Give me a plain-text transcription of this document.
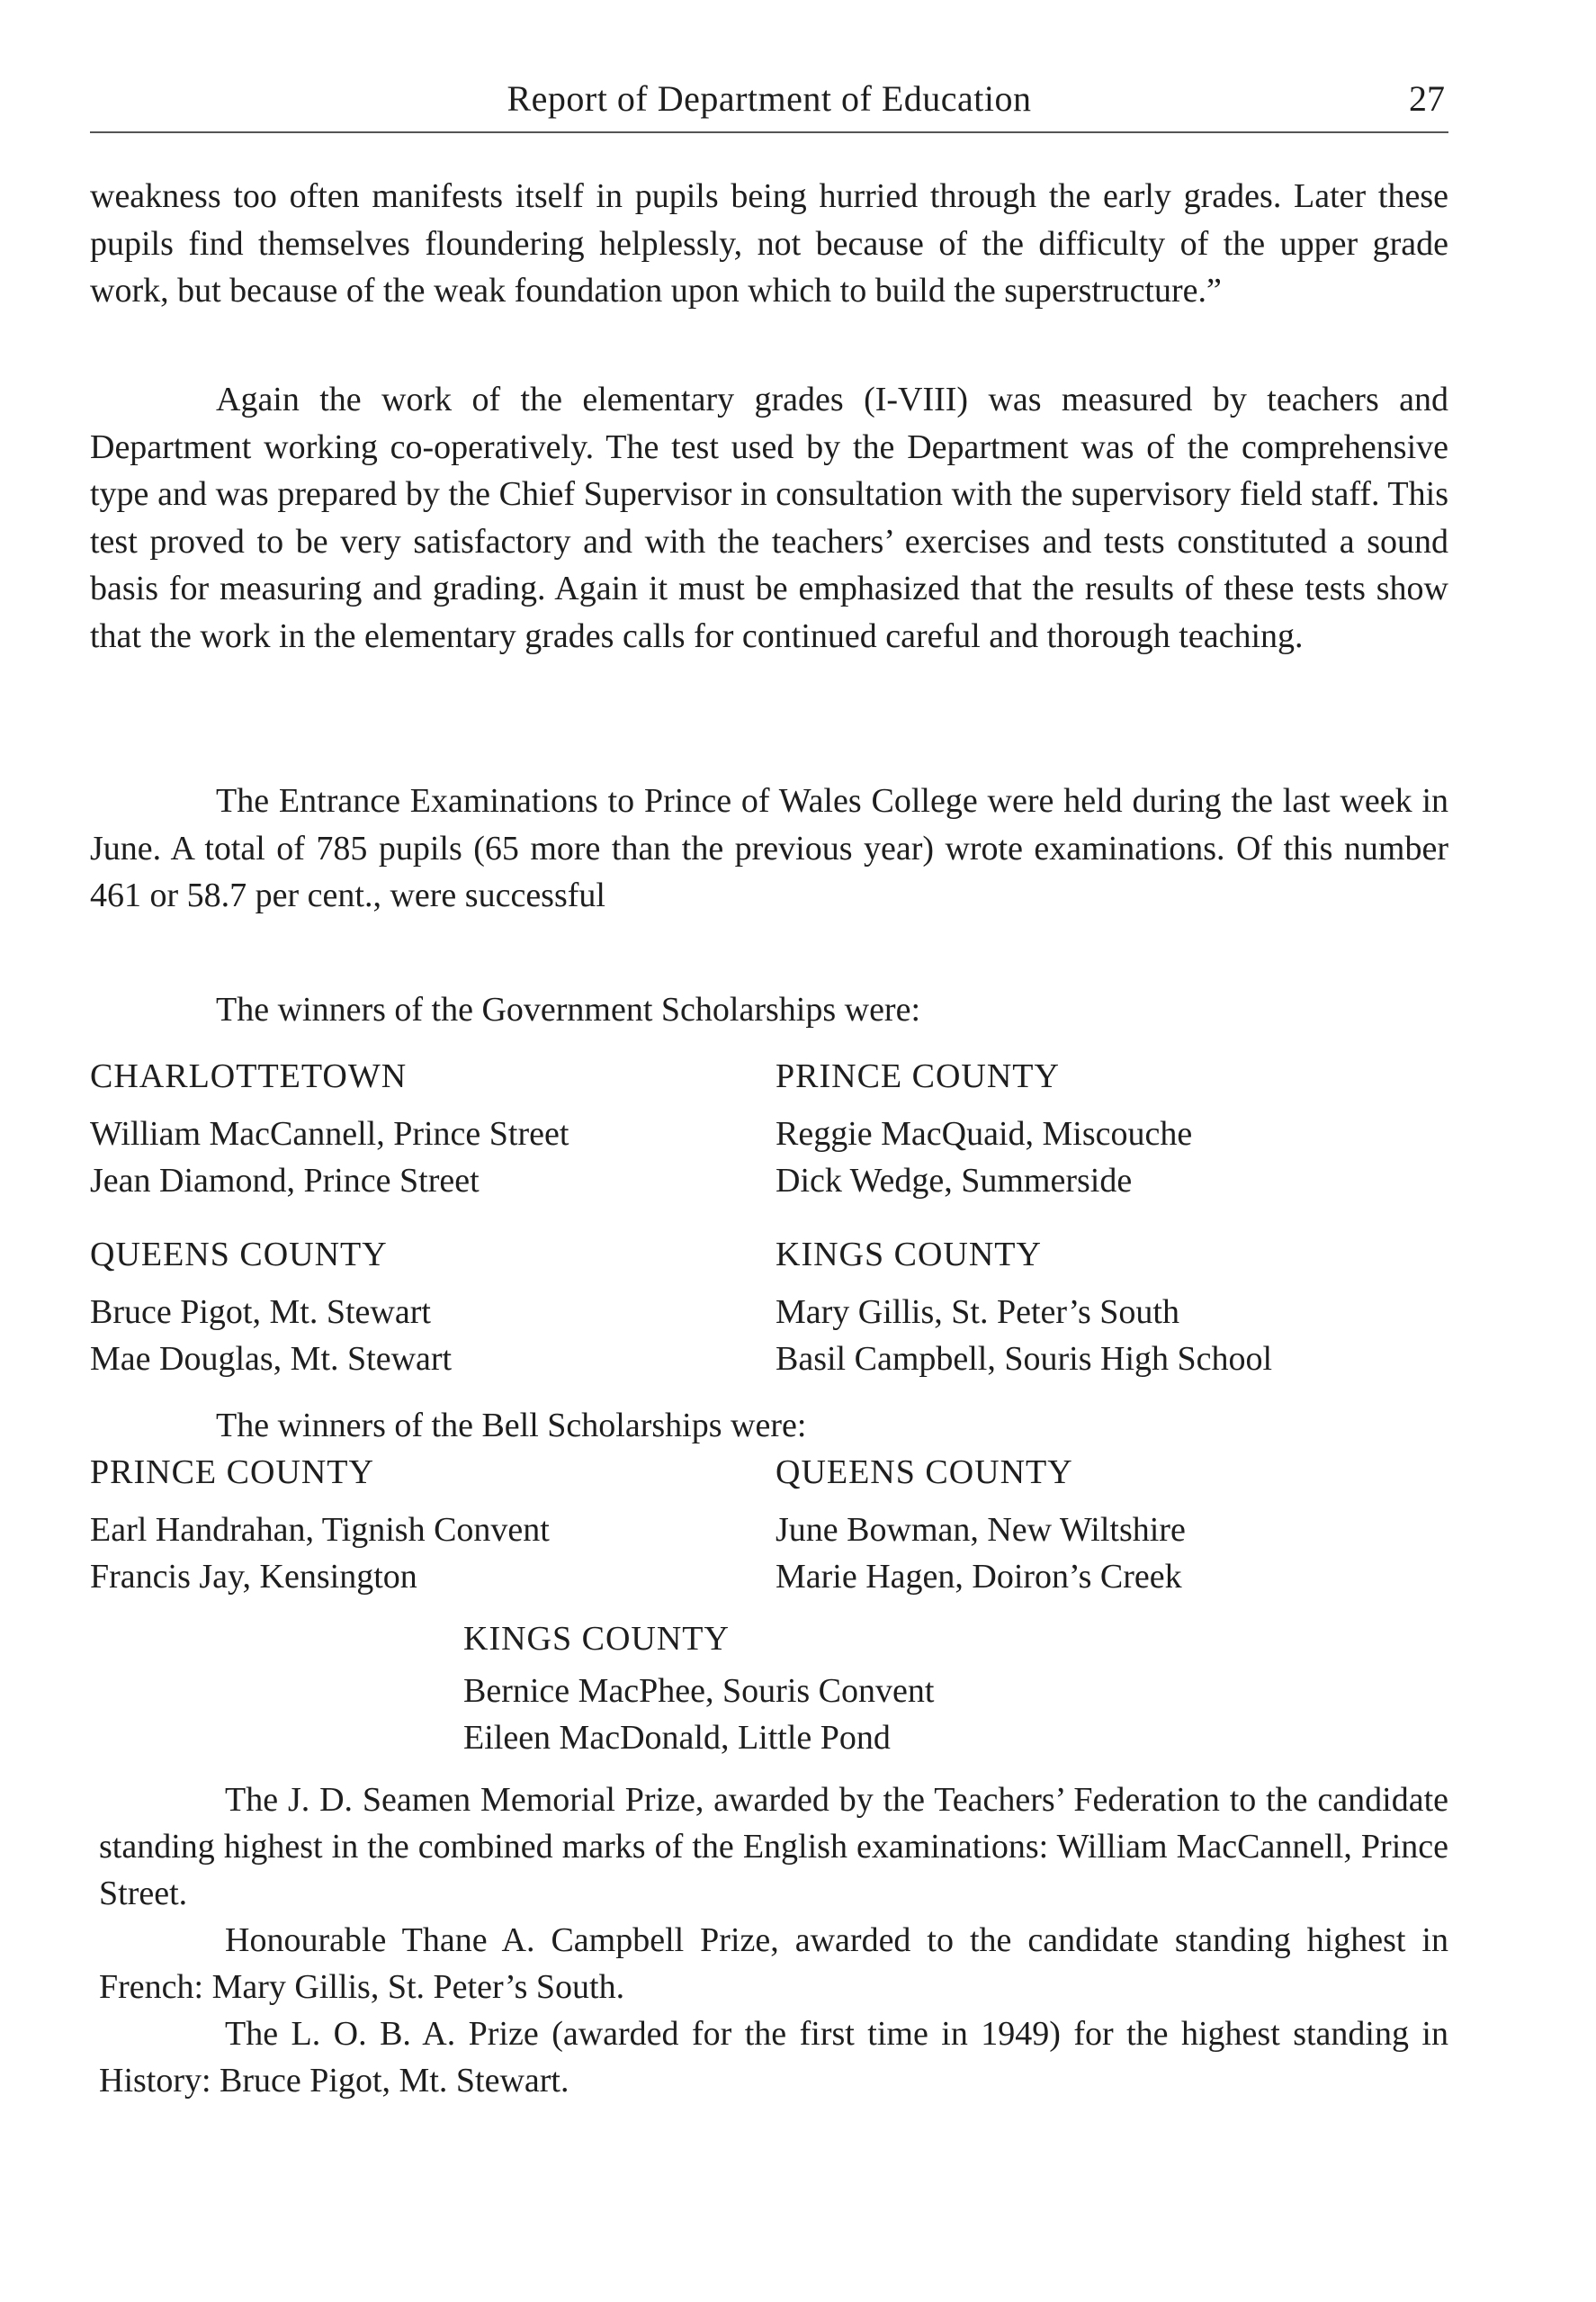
Report of Department of Education	27

weakness too often manifests itself in pupils being hurried through the early grades. Later these pupils find themselves floundering helplessly, not because of the difficulty of the upper grade work, but because of the weak foundation upon which to build the superstructure.”

Again the work of the elementary grades (I-VIII) was measured by teachers and Department working co-operatively. The test used by the Department was of the comprehensive type and was prepared by the Chief Supervisor in consultation with the supervisory field staff. This test proved to be very satisfactory and with the teachers’ exercises and tests constituted a sound basis for measuring and grading. Again it must be emphasized that the results of these tests show that the work in the elementary grades calls for continued careful and thorough teaching.

The Entrance Examinations to Prince of Wales College were held during the last week in June. A total of 785 pupils (65 more than the previous year) wrote examinations. Of this number 461 or 58.7 per cent., were successful

The winners of the Government Scholarships were:

CHARLOTTETOWN

William MacCannell, Prince Street

Jean Diamond, Prince Street

PRINCE COUNTY

Reggie MacQuaid, Miscouche

Dick Wedge, Summerside

QUEENS COUNTY

Bruce Pigot, Mt. Stewart

Mae Douglas, Mt. Stewart

KINGS COUNTY

Mary Gillis, St. Peter’s South

Basil Campbell, Souris High School

The winners of the Bell Scholarships were:

PRINCE COUNTY

Earl Handrahan, Tignish Convent

Francis Jay, Kensington

QUEENS COUNTY

June Bowman, New Wiltshire

Marie Hagen, Doiron’s Creek

KINGS COUNTY

Bernice MacPhee, Souris Convent

Eileen MacDonald, Little Pond

The J. D. Seamen Memorial Prize, awarded by the Teachers’ Federation to the candidate standing highest in the combined marks of the English examinations: William MacCannell, Prince Street.

Honourable Thane A. Campbell Prize, awarded to the candidate standing highest in French: Mary Gillis, St. Peter’s South.

The L. O. B. A. Prize (awarded for the first time in 1949) for the highest standing in History: Bruce Pigot, Mt. Stewart.
